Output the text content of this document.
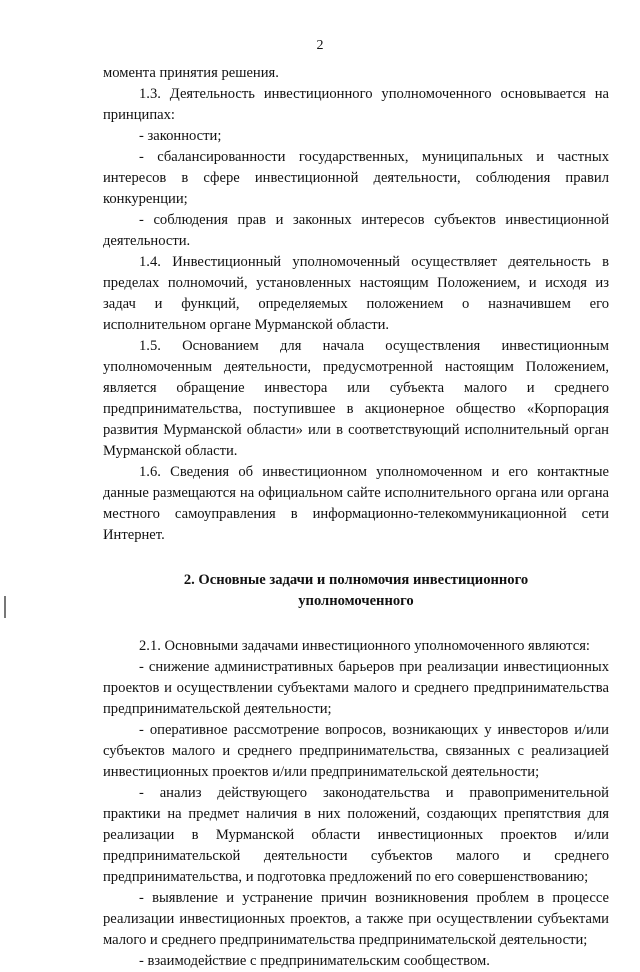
2

момента принятия решения.

1.3. Деятельность инвестиционного уполномоченного основывается на принципах:

- законности;

- сбалансированности государственных, муниципальных и частных интересов в сфере инвестиционной деятельности, соблюдения правил конкуренции;

- соблюдения прав и законных интересов субъектов инвестиционной деятельности.

1.4. Инвестиционный уполномоченный осуществляет деятельность в пределах полномочий, установленных настоящим Положением, и исходя из задач и функций, определяемых положением о назначившем его исполнительном органе Мурманской области.

1.5. Основанием для начала осуществления инвестиционным уполномоченным деятельности, предусмотренной настоящим Положением, является обращение инвестора или субъекта малого и среднего предпринимательства, поступившее в акционерное общество «Корпорация развития Мурманской области» или в соответствующий исполнительный орган Мурманской области.

1.6. Сведения об инвестиционном уполномоченном и его контактные данные размещаются на официальном сайте исполнительного органа или органа местного самоуправления в информационно-телекоммуникационной сети Интернет.

2. Основные задачи и полномочия инвестиционного
уполномоченного

2.1. Основными задачами инвестиционного уполномоченного являются:

- снижение административных барьеров при реализации инвестиционных проектов и осуществлении субъектами малого и среднего предпринимательства предпринимательской деятельности;

- оперативное рассмотрение вопросов, возникающих у инвесторов и/или субъектов малого и среднего предпринимательства, связанных с реализацией инвестиционных проектов и/или предпринимательской деятельности;

- анализ действующего законодательства и правоприменительной практики на предмет наличия в них положений, создающих препятствия для реализации в Мурманской области инвестиционных проектов и/или предпринимательской деятельности субъектов малого и среднего предпринимательства, и подготовка предложений по его совершенствованию;

- выявление и устранение причин возникновения проблем в процессе реализации инвестиционных проектов, а также при осуществлении субъектами малого и среднего предпринимательства предпринимательской деятельности;

- взаимодействие с предпринимательским сообществом.
